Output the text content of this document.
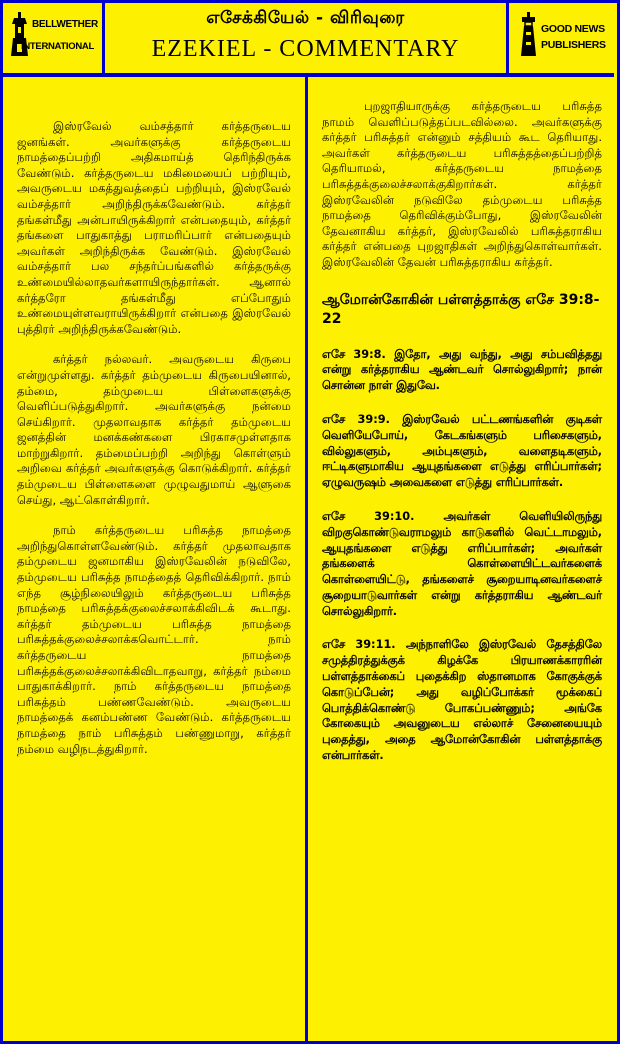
BELLWETHER
INTERNATIONAL
எசேக்கியேல் - விரிவுரை
EZEKIEL - COMMENTARY
GOOD NEWS
PUBLISHERS

இஸ்ரவேல் வம்சத்தார் கர்த்தருடைய ஜனங்கள். அவர்களுக்கு கர்த்தருடைய நாமத்தைப்பற்றி அதிகமாய்த் தெரிந்திருக்க வேண்டும். கர்த்தருடைய மகிமையைப் பற்றியும், அவருடைய மகத்துவத்தைப் பற்றியும், இஸ்ரவேல் வம்சத்தார் அறிந்திருக்கவேண்டும். கர்த்தர் தங்கள்மீது அன்பாயிருக்கிறார் என்பதையும், கர்த்தர் தங்களை பாதுகாத்து பராமரிப்பார் என்பதையும் அவர்கள் அறிந்திருக்க வேண்டும். இஸ்ரவேல் வம்சத்தார் பல சந்தர்ப்பங்களில் கர்த்தருக்கு உண்மையில்லாதவர்களாயிருந்தார்கள். ஆனால் கர்த்தரோ தங்கள்மீது எப்போதும் உண்மையுள்ளவராயிருக்கிறார் என்பதை இஸ்ரவேல் புத்திரர் அறிந்திருக்கவேண்டும்.

கர்த்தர் நல்லவர். அவருடைய கிருபை என்றுமுள்ளது. கர்த்தர் தம்முடைய கிருபையினால், தம்மை, தம்முடைய பிள்ளைகளுக்கு வெளிப்படுத்துகிறார். அவர்களுக்கு நன்மை செய்கிறார். முதலாவதாக கர்த்தர் தம்முடைய ஜனத்தின் மனக்கண்களை பிரகாசமுள்ளதாக மாற்றுகிறார். தம்மைப்பற்றி அறிந்து கொள்ளும் அறிவை கர்த்தர் அவர்களுக்கு கொடுக்கிறார். கர்த்தர் தம்முடைய பிள்ளைகளை முழுவதுமாய் ஆளுகை செய்து, ஆட்கொள்கிறார்.

நாம் கர்த்தருடைய பரிசுத்த நாமத்தை அறிந்துகொள்ளவேண்டும். கர்த்தர் முதலாவதாக தம்முடைய ஜனமாகிய இஸ்ரவேலின் நடுவிலே, தம்முடைய பரிசுத்த நாமத்தைத் தெரிவிக்கிறார். நாம் எந்த சூழ்நிலையிலும் கர்த்தருடைய பரிசுத்த நாமத்தை பரிசுத்தக்குலைச்சலாக்கிவிடக் கூடாது. கர்த்தர் தம்முடைய பரிசுத்த நாமத்தை பரிசுத்தக்குலைச்சலாக்கவொட்டார். நாம் கர்த்தருடைய நாமத்தை பரிசுத்தக்குலைச்சலாக்கிவிடாதவாறு, கர்த்தர் நம்மை பாதுகாக்கிறார். நாம் கர்த்தருடைய நாமத்தை பரிசுத்தம் பண்ணவேண்டும். அவருடைய நாமத்தைக் கனம்பண்ண வேண்டும். கர்த்தருடைய நாமத்தை நாம் பரிசுத்தம் பண்ணுமாறு, கர்த்தர் நம்மை வழிநடத்துகிறார்.

புறஜாதியாருக்கு கர்த்தருடைய பரிசுத்த நாமம் வெளிப்படுத்தப்படவில்லை. அவர்களுக்கு கர்த்தர் பரிசுத்தர் என்னும் சத்தியம் கூட தெரியாது. அவர்கள் கர்த்தருடைய பரிசுத்தத்தைப்பற்றித் தெரியாமல், கர்த்தருடைய நாமத்தை பரிசுத்தக்குலைச்சலாக்குகிறார்கள். கர்த்தர் இஸ்ரவேலின் நடுவிலே தம்முடைய பரிசுத்த நாமத்தை தெரிவிக்கும்போது, இஸ்ரவேலின் தேவனாகிய கர்த்தர், இஸ்ரவேலில் பரிசுத்தராகிய கர்த்தர் என்பதை புறஜாதிகள் அறிந்துகொள்வார்கள். இஸ்ரவேலின் தேவன் பரிசுத்தராகிய கர்த்தர்.

ஆமோன்கோகின் பள்ளத்தாக்கு எசே 39:8-22

எசே 39:8. இதோ, அது வந்து, அது சம்பவித்தது என்று கர்த்தராகிய ஆண்டவர் சொல்லுகிறார்; நான் சொன்ன நாள் இதுவே.

எசே 39:9. இஸ்ரவேல் பட்டணங்களின் குடிகள் வெளியேபோய், கேடகங்களும் பரிசைகளும், வில்லுகளும், அம்புகளும், வளைதடிகளும், ஈட்டிகளுமாகிய ஆயுதங்களை எடுத்து எரிப்பார்கள்; ஏழுவருஷம் அவைகளை எடுத்து எரிப்பார்கள்.

எசே 39:10. அவர்கள் வெளியிலிருந்து விறகுகொண்டுவராமலும் காடுகளில் வெட்டாமலும், ஆயுதங்களை எடுத்து எரிப்பார்கள்; அவர்கள் தங்களைக் கொள்ளையிட்டவர்களைக் கொள்ளையிட்டு, தங்களைச் சூறையாடினவர்களைச் சூறையாடுவார்கள் என்று கர்த்தராகிய ஆண்டவர் சொல்லுகிறார்.

எசே 39:11. அந்நாளிலே இஸ்ரவேல் தேசத்திலே சமுத்திரத்துக்குக் கிழக்கே பிரயாணக்காரரின் பள்ளத்தாக்கைப் புதைக்கிற ஸ்தானமாக கோகுக்குக் கொடுப்பேன்; அது வழிப்போக்கர் மூக்கைப் பொத்திக்கொண்டு போகப்பண்ணும்; அங்கே கோகையும் அவனுடைய எல்லாச் சேனையையும் புதைத்து, அதை ஆமோன்கோகின் பள்ளத்தாக்கு என்பார்கள்.
